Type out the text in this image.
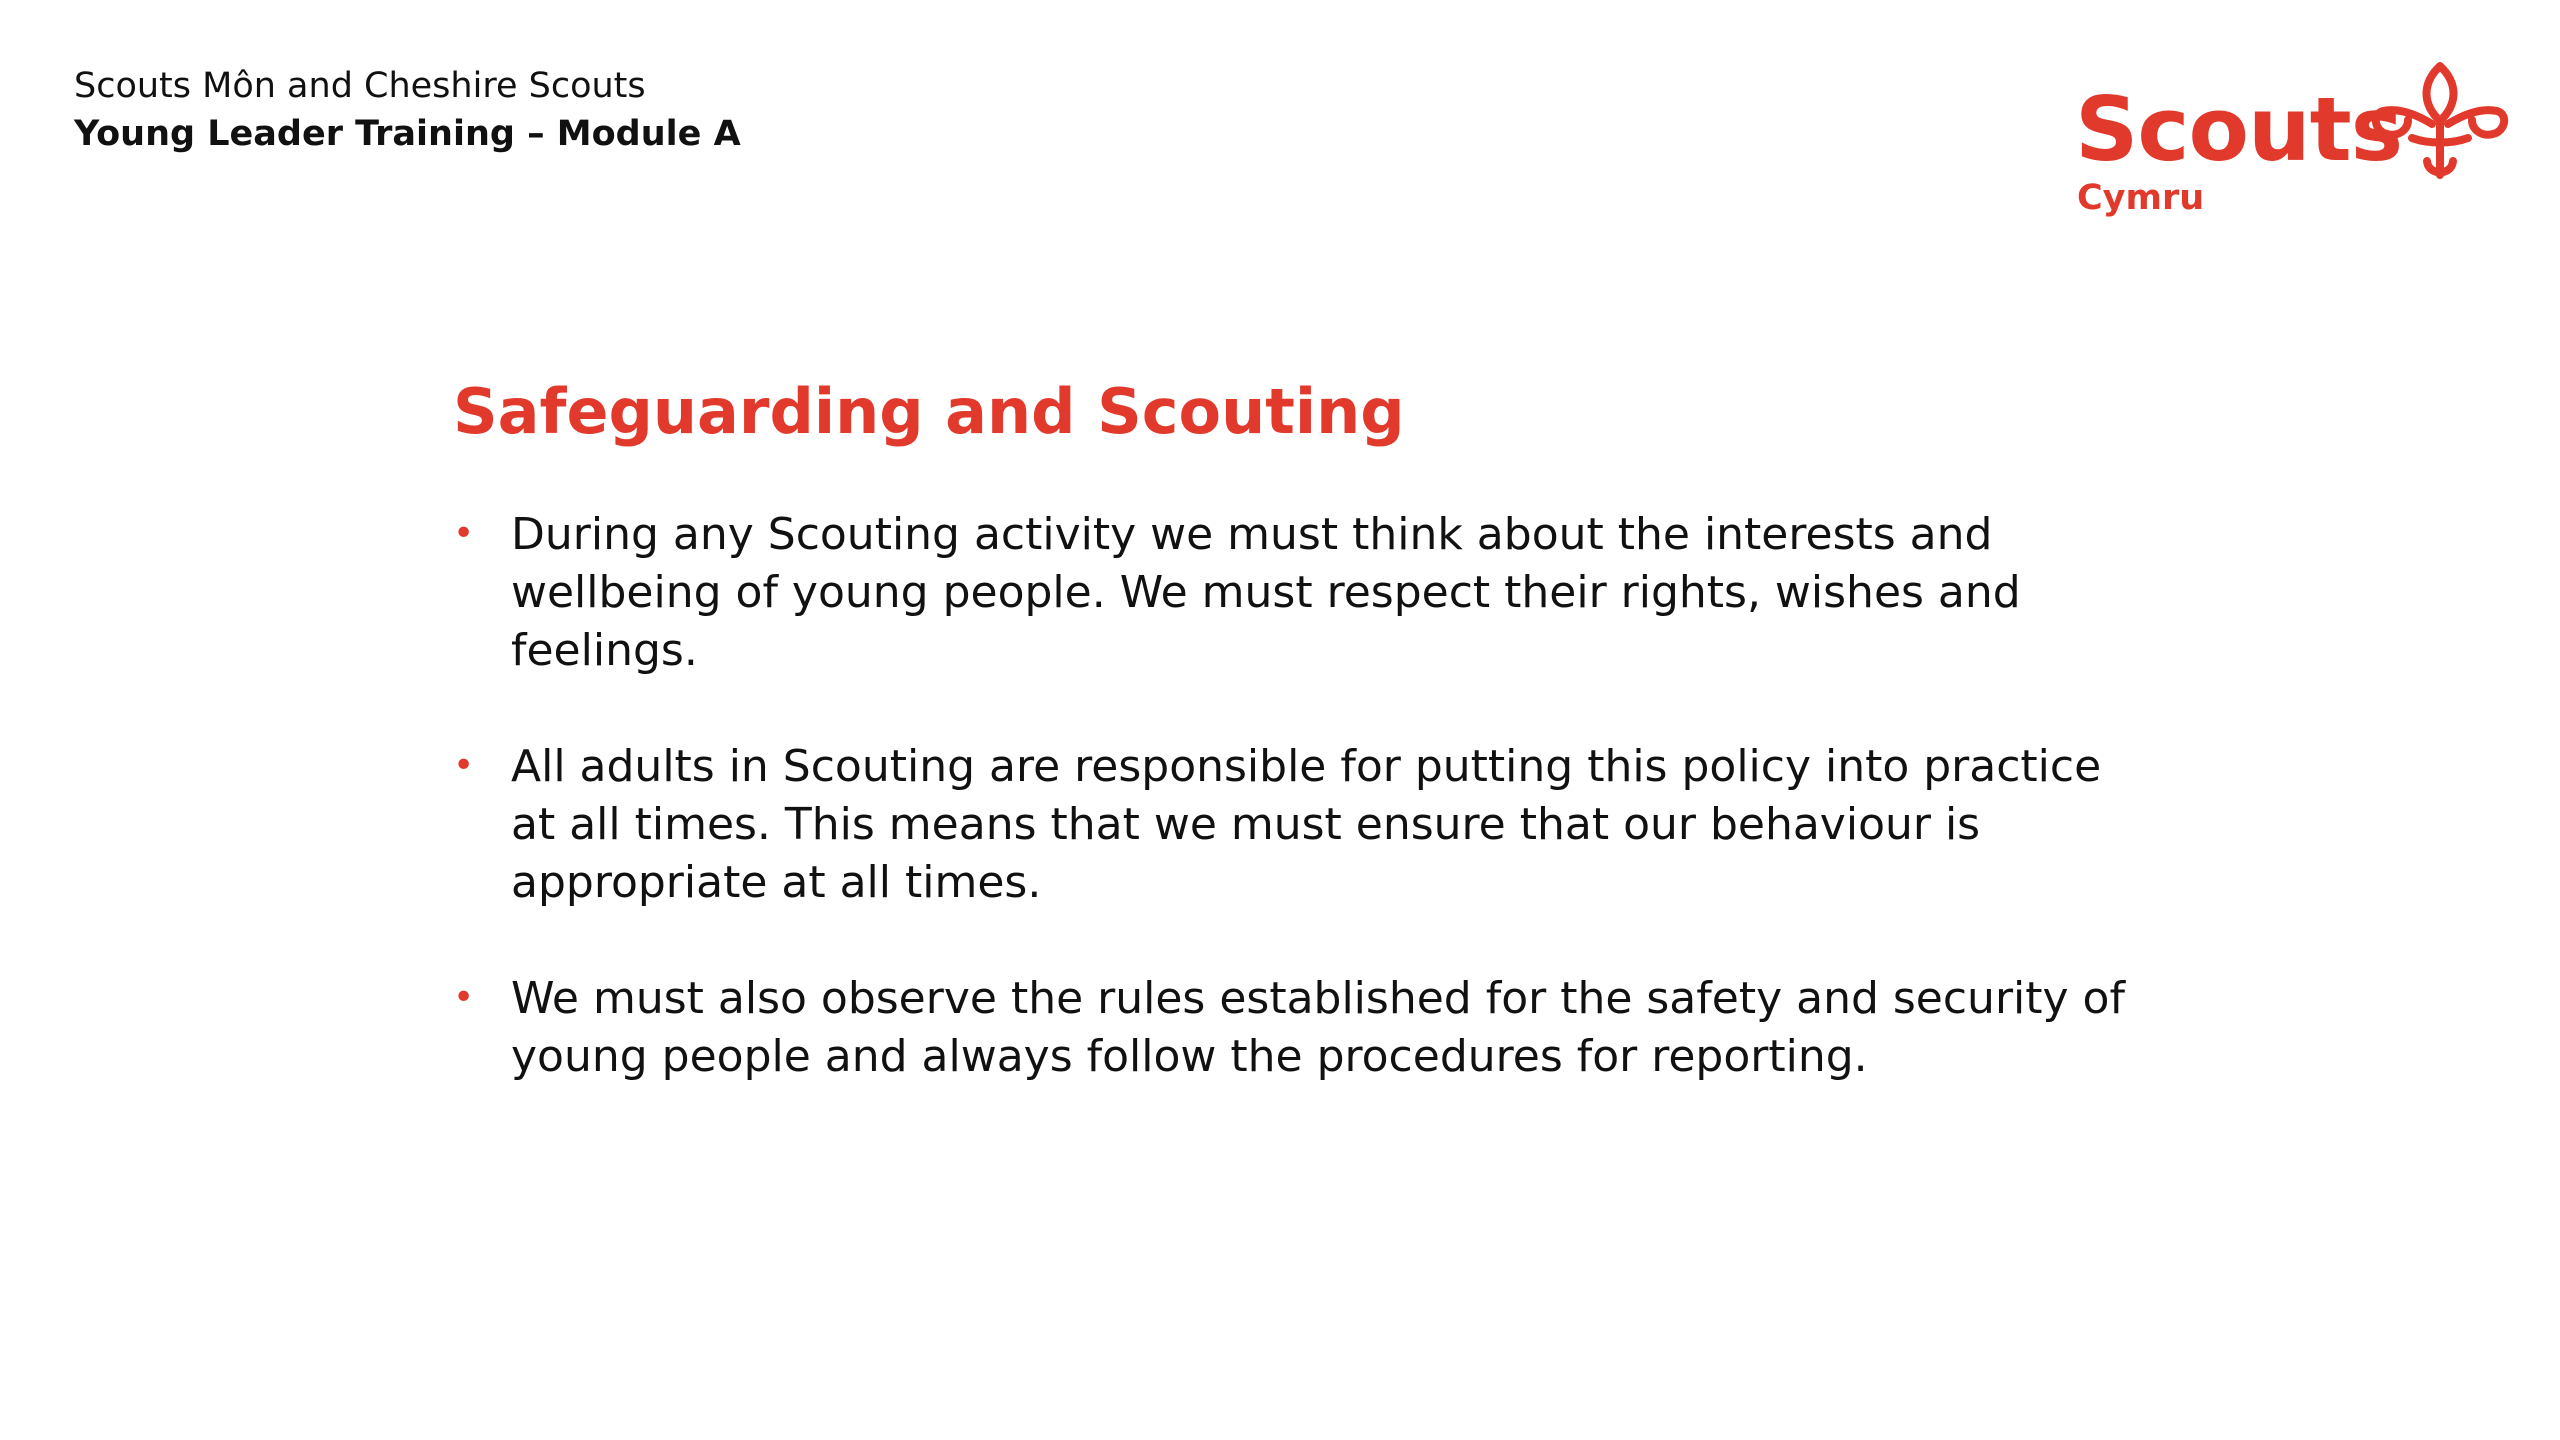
Scouts Môn and Cheshire Scouts
Young Leader Training – Module A	Scouts
Cymru
Safeguarding and Scouting
• During any Scouting activity we must think about the interests and wellbeing of young people. We must respect their rights, wishes and feelings.
• All adults in Scouting are responsible for putting this policy into practice at all times. This means that we must ensure that our behaviour is appropriate at all times.
• We must also observe the rules established for the safety and security of young people and always follow the procedures for reporting.
